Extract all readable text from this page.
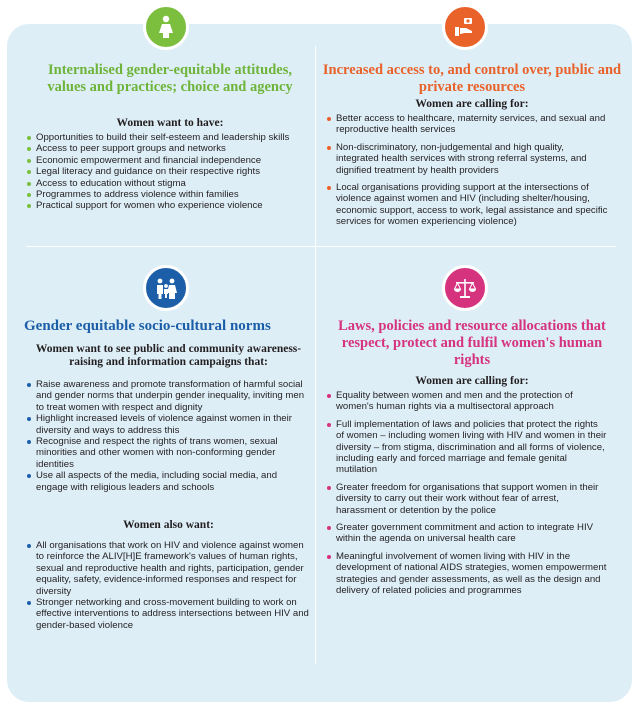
Internalised gender-equitable attitudes, values and practices; choice and agency
Women want to have:
Opportunities to build their self-esteem and leadership skills
Access to peer support groups and networks
Economic empowerment and financial independence
Legal literacy and guidance on their respective rights
Access to education without stigma
Programmes to address violence within families
Practical support for women who experience violence
Increased access to, and control over, public and private resources
Women are calling for:
Better access to healthcare, maternity services, and sexual and reproductive health services
Non-discriminatory, non-judgemental and high quality, integrated health services with strong referral systems, and dignified treatment by health providers
Local organisations providing support at the intersections of violence against women and HIV (including shelter/housing, economic support, access to work, legal assistance and specific services for women experiencing violence)
Gender equitable socio-cultural norms
Women want to see public and community awareness-raising and information campaigns that:
Raise awareness and promote transformation of harmful social and gender norms that underpin gender inequality, inviting men to treat women with respect and dignity
Highlight increased levels of violence against women in their diversity and ways to address this
Recognise and respect the rights of trans women, sexual minorities and other women with non-conforming gender identities
Use all aspects of the media, including social media, and engage with religious leaders and schools
Women also want:
All organisations that work on HIV and violence against women to reinforce the ALIV[H]E framework's values of human rights, sexual and reproductive health and rights, participation, gender equality, safety, evidence-informed responses and respect for diversity
Stronger networking and cross-movement building to work on effective interventions to address intersections between HIV and gender-based violence
Laws, policies and resource allocations that respect, protect and fulfil women's human rights
Women are calling for:
Equality between women and men and the protection of women's human rights via a multisectoral approach
Full implementation of laws and policies that protect the rights of women – including women living with HIV and women in their diversity – from stigma, discrimination and all forms of violence, including early and forced marriage and female genital mutilation
Greater freedom for organisations that support women in their diversity to carry out their work without fear of arrest, harassment or detention by the police
Greater government commitment and action to integrate HIV within the agenda on universal health care
Meaningful involvement of women living with HIV in the development of national AIDS strategies, women empowerment strategies and gender assessments, as well as the design and delivery of related policies and programmes
